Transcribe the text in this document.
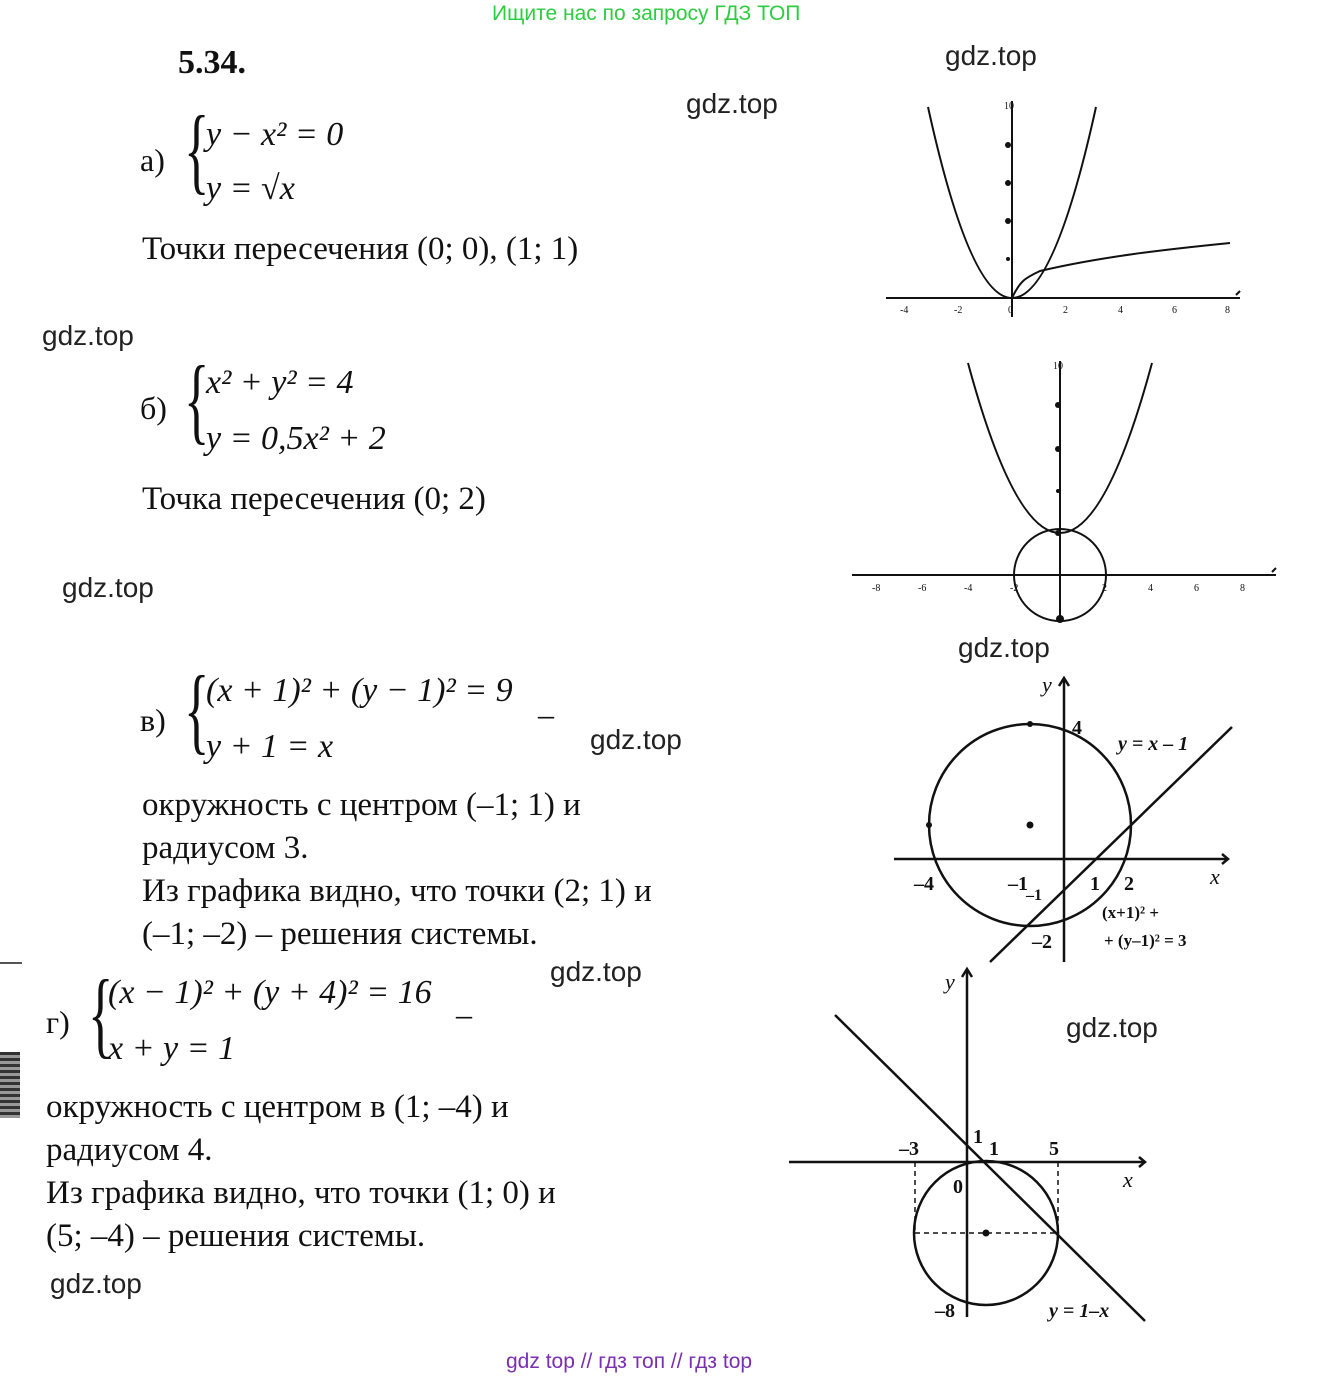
Ищите нас по запросу ГДЗ ТОП
5.34.	gdz.top
gdz.top
gdz.top
gdz.top
gdz.top
gdz.top
gdz.top
gdz.top
gdz.top
а) {
y − x² = 0
y = √x
Точки пересечения (0; 0), (1; 1)
б) {
x² + y² = 4
y = 0,5x² + 2
Точка пересечения (0; 2)
в) {
(x + 1)² + (y − 1)² = 9
y + 1 = x
–
окружность с центром (–1; 1) и
радиусом 3.
Из графика видно, что точки (2; 1) и
(–1; –2) – решения системы.
г) {
(x − 1)² + (y + 4)² = 16
x + y = 1
–
окружность с центром в (1; –4) и
радиусом 4.
Из графика видно, что точки (1; 0) и
(5; –4) – решения системы.
-4	-2	0	2	4	6	8
10
-8	-6	-4	-2	2	4	6	8
10
y
x
4
–4	–1
–1
1 2
–2
y = x – 1
(x+1)² +
+ (y–1)² = 3
y
x
–3
1
1	5
0
–8	y = 1–x
gdz top // гдз топ // гдз top
